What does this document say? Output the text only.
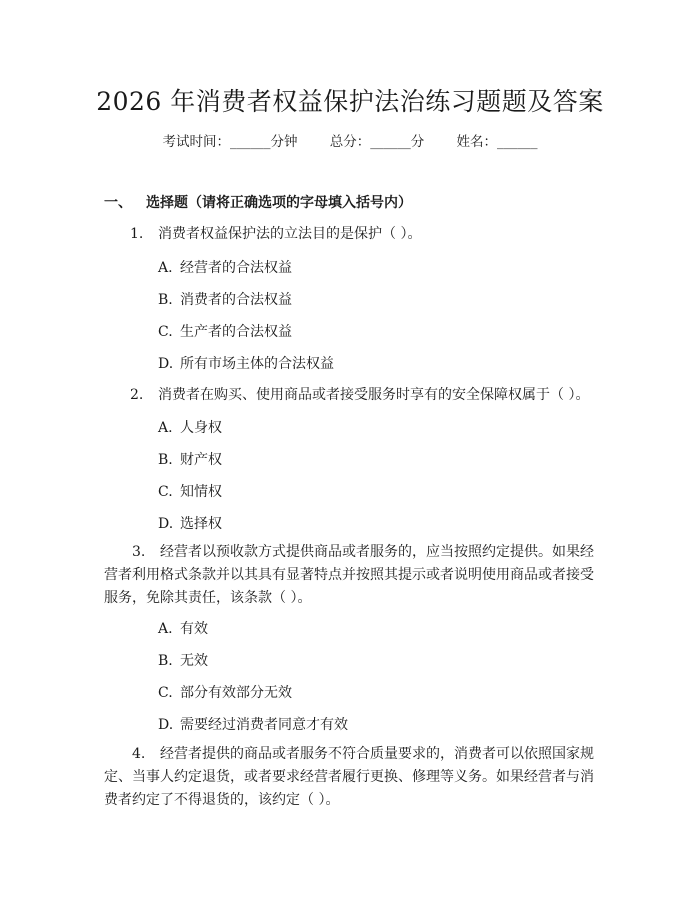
2026 年消费者权益保护法治练习题题及答案
考试时间：______分钟 总分：______分 姓名：______
一、 选择题（请将正确选项的字母填入括号内）
1. 消费者权益保护法的立法目的是保护（ ）。
A. 经营者的合法权益
B. 消费者的合法权益
C. 生产者的合法权益
D. 所有市场主体的合法权益
2. 消费者在购买、使用商品或者接受服务时享有的安全保障权属于（ ）。
A. 人身权
B. 财产权
C. 知情权
D. 选择权
3. 经营者以预收款方式提供商品或者服务的，应当按照约定提供。如果经营者利用格式条款并以其具有显著特点并按照其提示或者说明使用商品或者接受服务，免除其责任，该条款（ ）。
A. 有效
B. 无效
C. 部分有效部分无效
D. 需要经过消费者同意才有效
4. 经营者提供的商品或者服务不符合质量要求的，消费者可以依照国家规定、当事人约定退货，或者要求经营者履行更换、修理等义务。如果经营者与消费者约定了不得退货的，该约定（ ）。
